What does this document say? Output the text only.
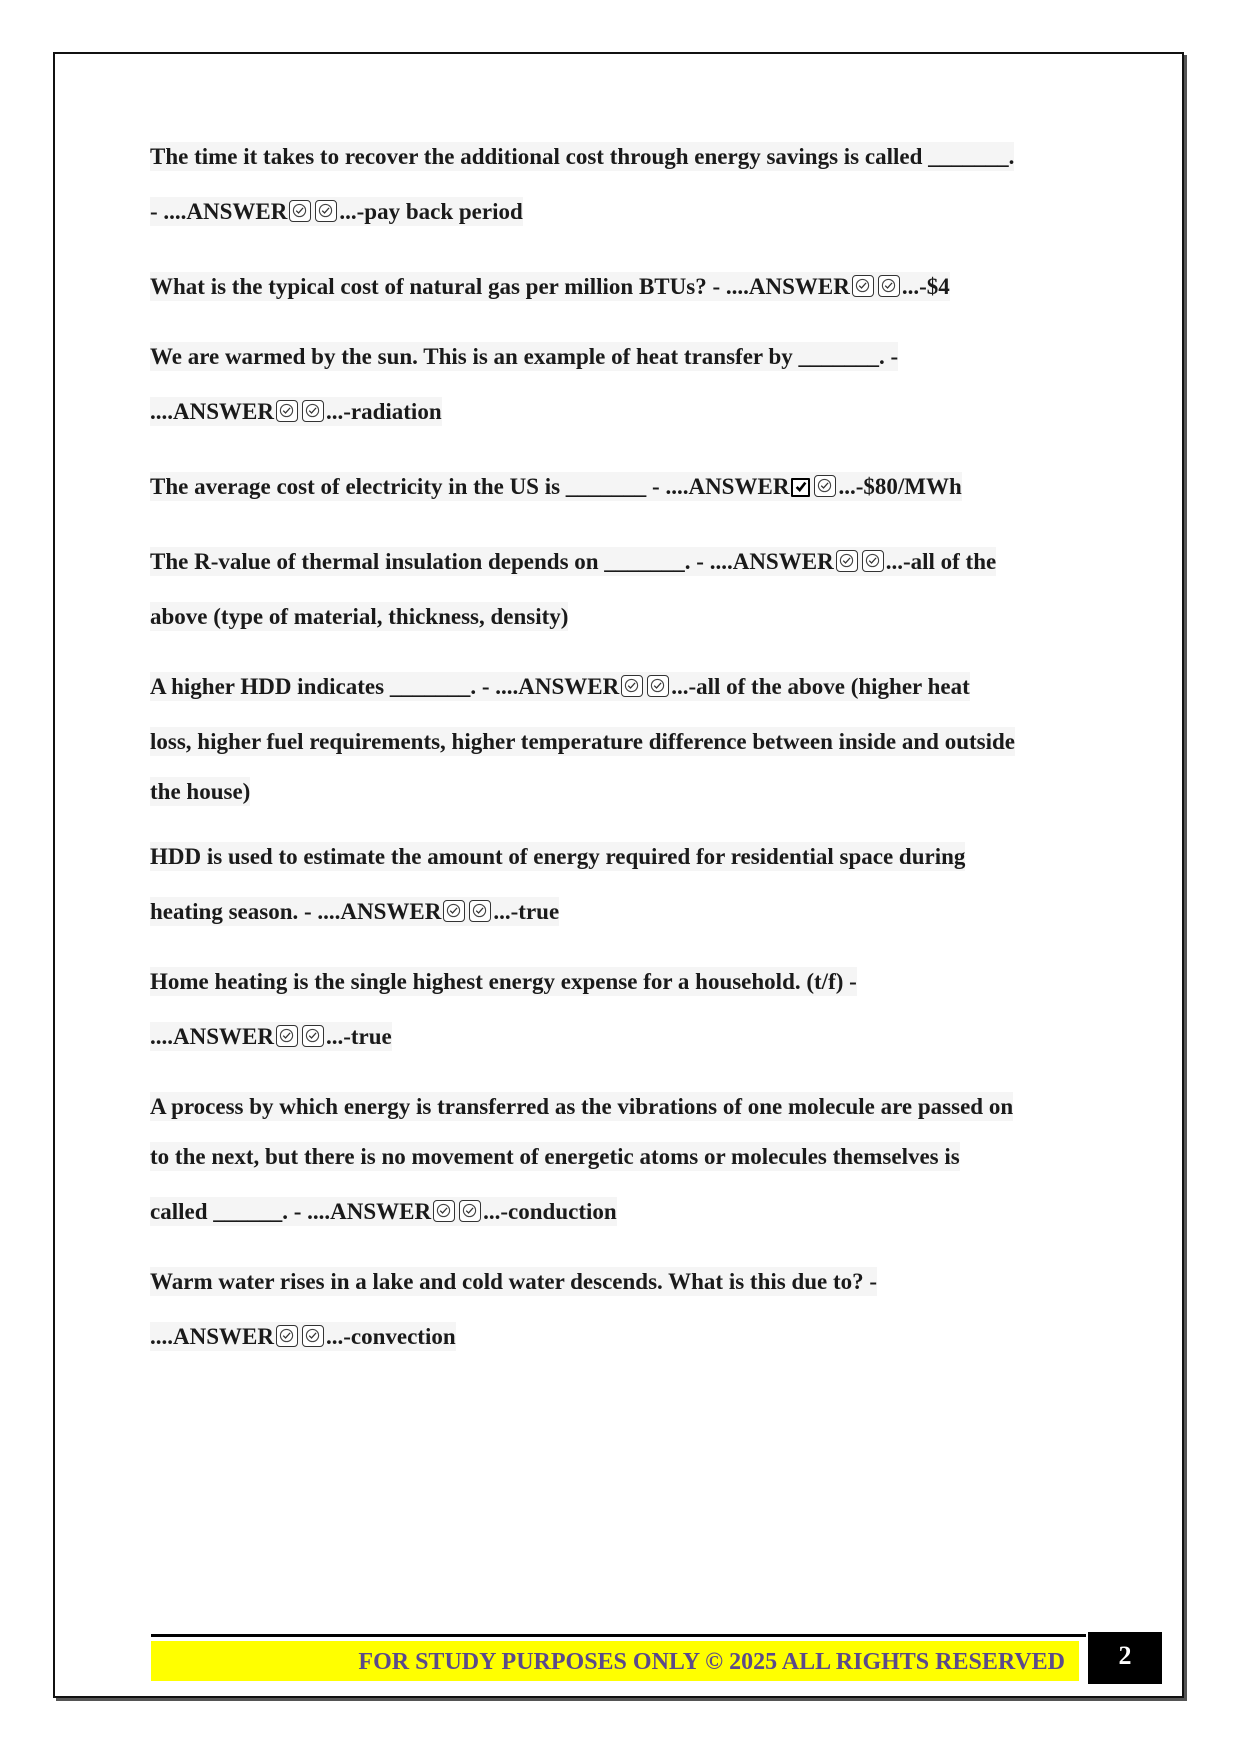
The time it takes to recover the additional cost through energy savings is called _______.
- ....ANSWER ...-pay back period
What is the typical cost of natural gas per million BTUs? - ....ANSWER ...-$4
We are warmed by the sun. This is an example of heat transfer by _______. -
....ANSWER ...-radiation
The average cost of electricity in the US is _______ - ....ANSWER ...-$80/MWh
The R-value of thermal insulation depends on _______. - ....ANSWER ...-all of the
above (type of material, thickness, density)
A higher HDD indicates _______. - ....ANSWER ...-all of the above (higher heat
loss, higher fuel requirements, higher temperature difference between inside and outside
the house)
HDD is used to estimate the amount of energy required for residential space during
heating season. - ....ANSWER ...-true
Home heating is the single highest energy expense for a household. (t/f) -
....ANSWER ...-true
A process by which energy is transferred as the vibrations of one molecule are passed on
to the next, but there is no movement of energetic atoms or molecules themselves is
called ______. - ....ANSWER ...-conduction
Warm water rises in a lake and cold water descends. What is this due to? -
....ANSWER ...-convection
FOR STUDY PURPOSES ONLY © 2025 ALL RIGHTS RESERVED	2
